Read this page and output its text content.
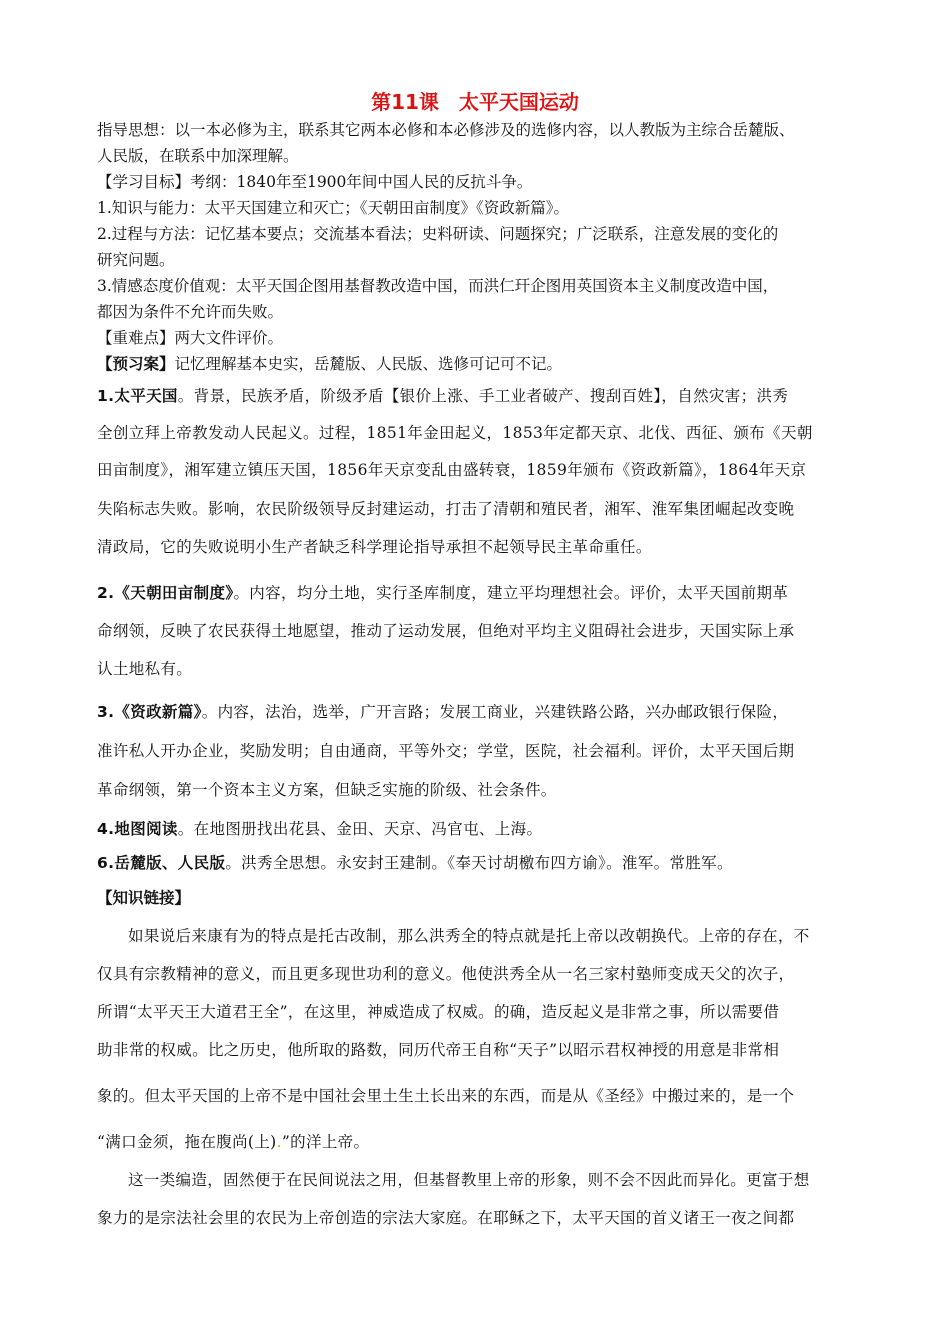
第11课 太平天国运动
指导思想：以一本必修为主，联系其它两本必修和本必修涉及的选修内容，以人教版为主综合岳麓版、
人民版，在联系中加深理解。
【学习目标】考纲：1840年至1900年间中国人民的反抗斗争。
1.知识与能力：太平天国建立和灭亡；《天朝田亩制度》《资政新篇》。
2.过程与方法：记忆基本要点；交流基本看法；史料研读、问题探究；广泛联系，注意发展的变化的
研究问题。
3.情感态度价值观：太平天国企图用基督教改造中国，而洪仁玕企图用英国资本主义制度改造中国，
都因为条件不允许而失败。
【重难点】两大文件评价。
【预习案】记忆理解基本史实，岳麓版、人民版、选修可记可不记。
1.太平天国。背景，民族矛盾，阶级矛盾【银价上涨、手工业者破产、搜刮百姓】，自然灾害；洪秀
全创立拜上帝教发动人民起义。过程，1851年金田起义，1853年定都天京、北伐、西征、颁布《天朝
田亩制度》，湘军建立镇压天国，1856年天京变乱由盛转衰，1859年颁布《资政新篇》，1864年天京
失陷标志失败。影响，农民阶级领导反封建运动，打击了清朝和殖民者，湘军、淮军集团崛起改变晚
清政局，它的失败说明小生产者缺乏科学理论指导承担不起领导民主革命重任。
2.《天朝田亩制度》。内容，均分土地，实行圣库制度，建立平均理想社会。评价，太平天国前期革
命纲领，反映了农民获得土地愿望，推动了运动发展，但绝对平均主义阻碍社会进步，天国实际上承
认土地私有。
3.《资政新篇》。内容，法治，选举，广开言路；发展工商业，兴建铁路公路，兴办邮政银行保险，
准许私人开办企业，奖励发明；自由通商，平等外交；学堂，医院，社会福利。评价，太平天国后期
革命纲领，第一个资本主义方案，但缺乏实施的阶级、社会条件。
4.地图阅读。在地图册找出花县、金田、天京、冯官屯、上海。
6.岳麓版、人民版。洪秀全思想。永安封王建制。《奉天讨胡檄布四方谕》。淮军。常胜军。
【知识链接】
如果说后来康有为的特点是托古改制，那么洪秀全的特点就是托上帝以改朝换代。上帝的存在，不
仅具有宗教精神的意义，而且更多现世功利的意义。他使洪秀全从一名三家村塾师变成天父的次子，
所谓“太平天王大道君王全”，在这里，神威造成了权威。的确，造反起义是非常之事，所以需要借
助非常的权威。比之历史，他所取的路数，同历代帝王自称“天子”以昭示君权神授的用意是非常相
象的。但太平天国的上帝不是中国社会里土生土长出来的东西，而是从《圣经》中搬过来的，是一个
“满口金须，拖在腹尚(上).”的洋上帝。
这一类编造，固然便于在民间说法之用，但基督教里上帝的形象，则不会不因此而异化。更富于想
象力的是宗法社会里的农民为上帝创造的宗法大家庭。在耶稣之下，太平天国的首义诸王一夜之间都
